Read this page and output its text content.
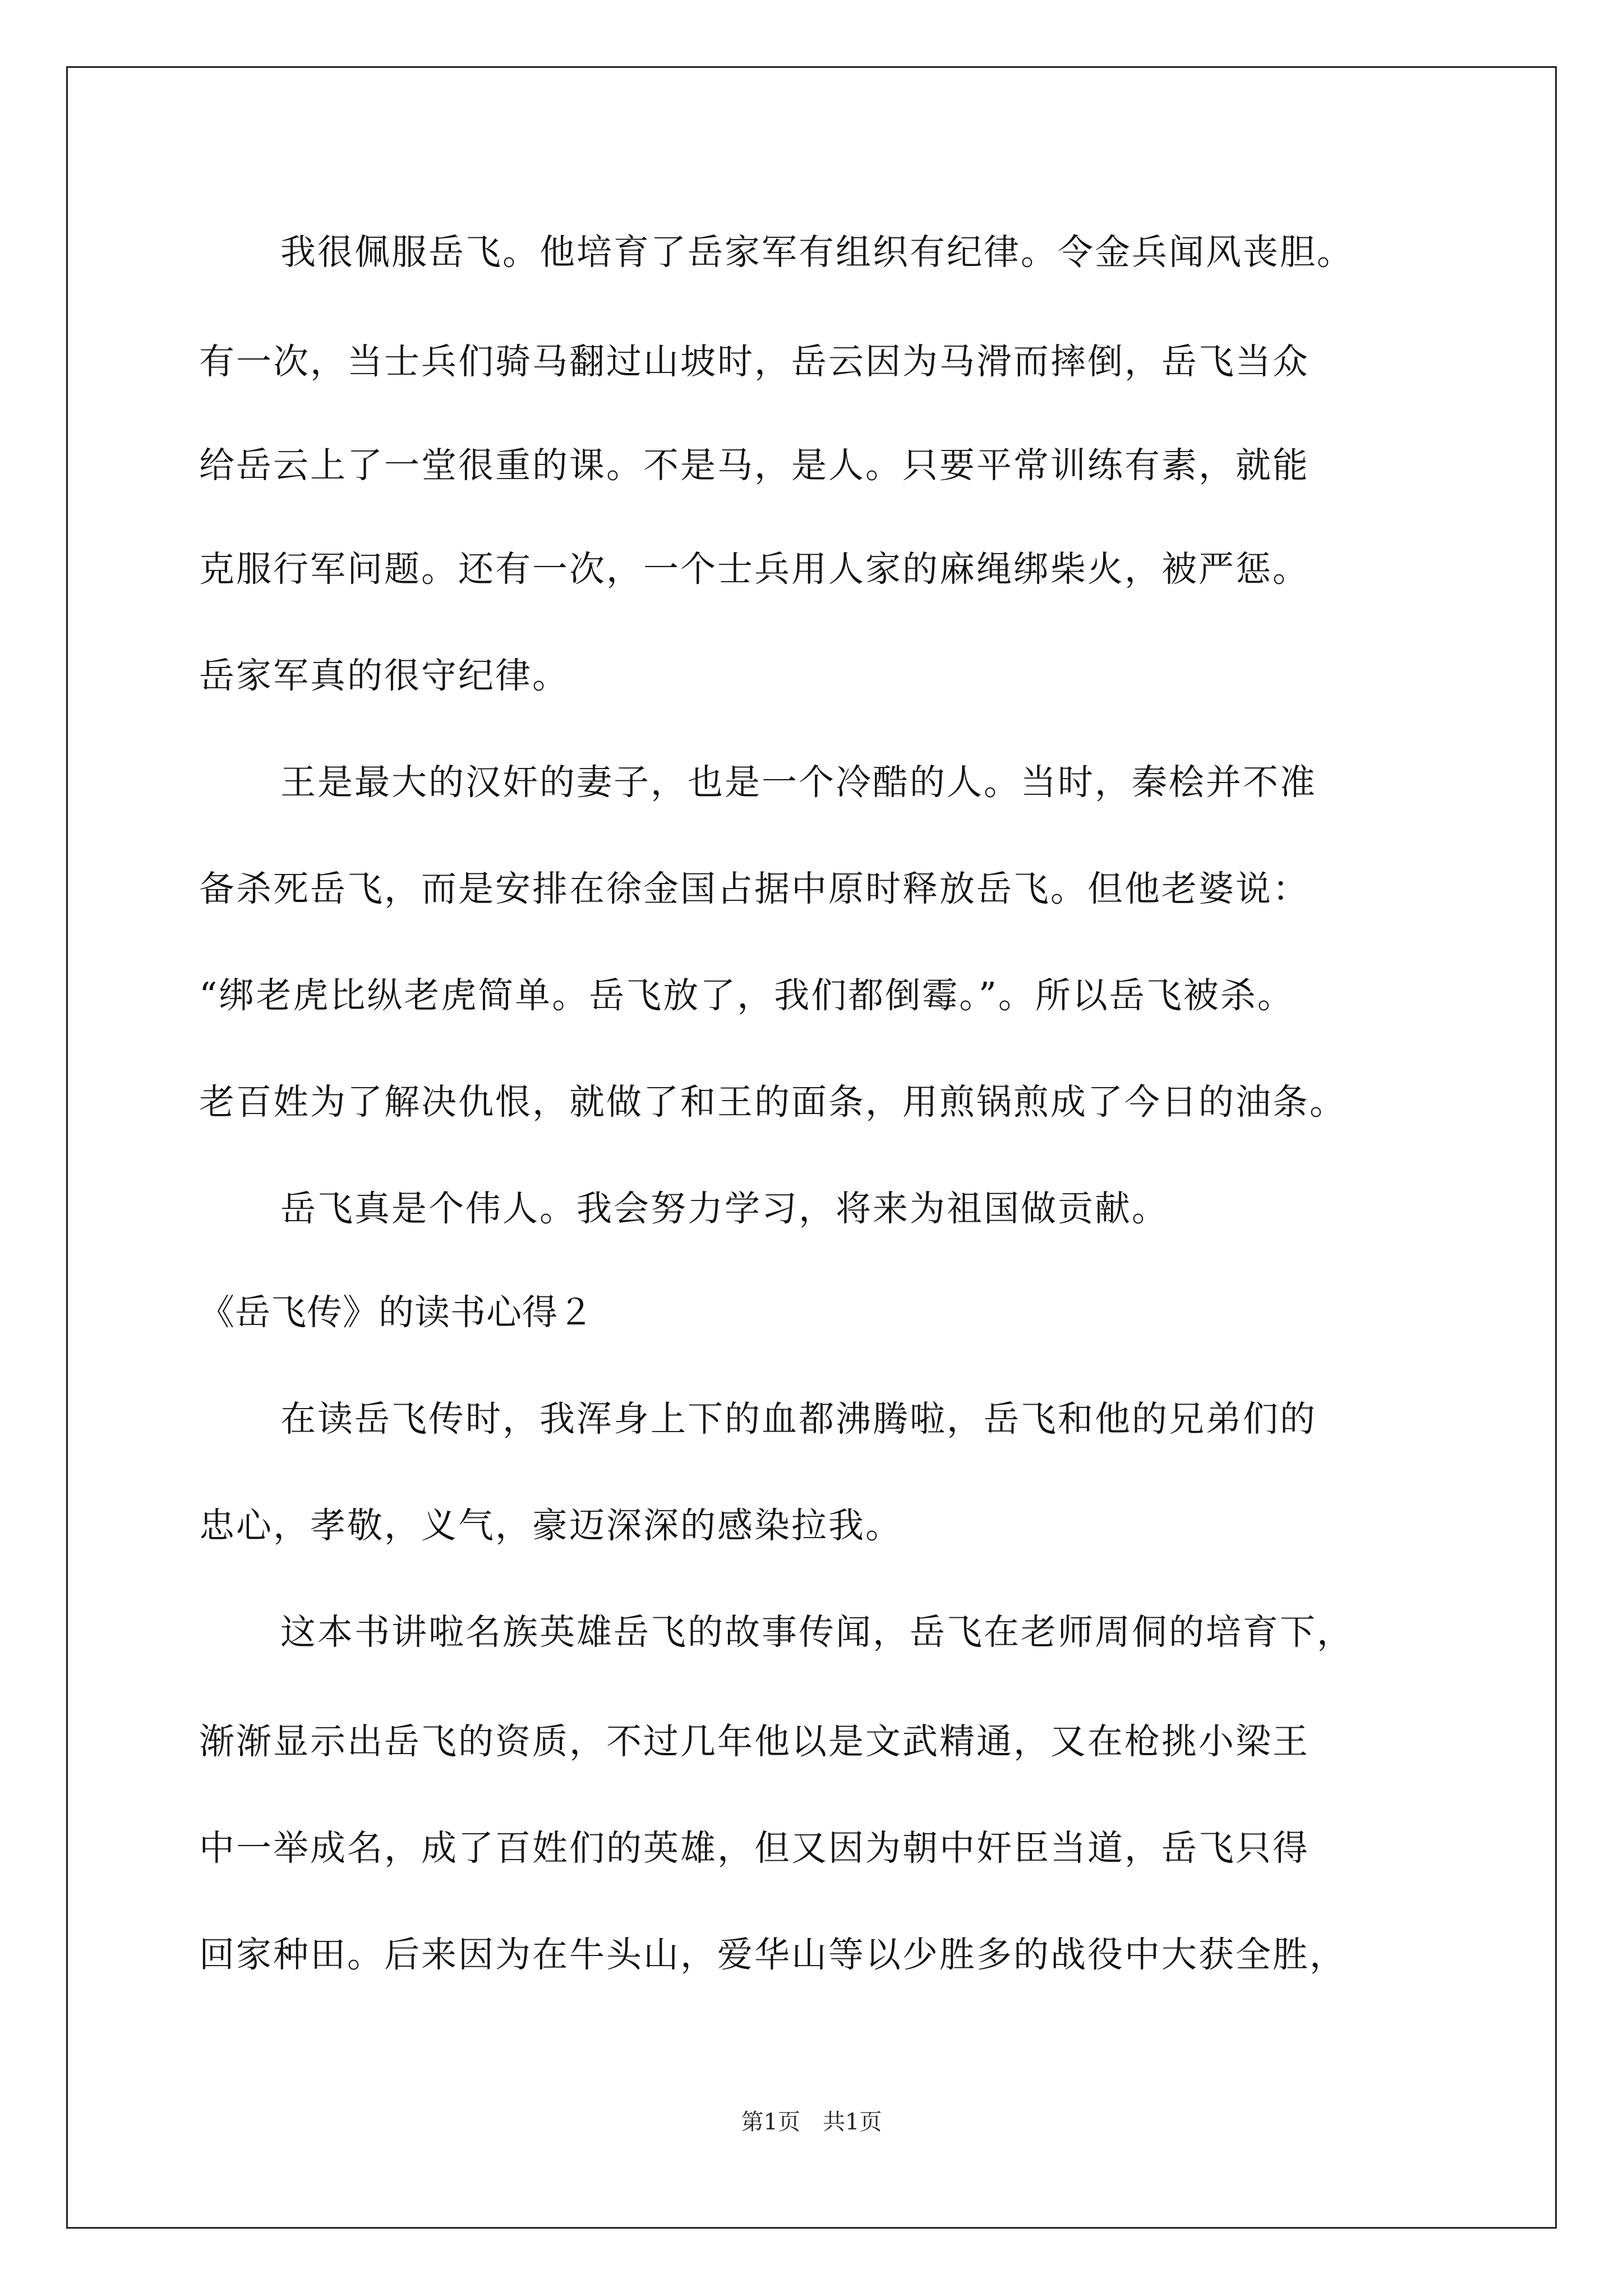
我很佩服岳飞。他培育了岳家军有组织有纪律。令金兵闻风丧胆。
有一次，当士兵们骑马翻过山坡时，岳云因为马滑而摔倒，岳飞当众
给岳云上了一堂很重的课。不是马，是人。只要平常训练有素，就能
克服行军问题。还有一次，一个士兵用人家的麻绳绑柴火，被严惩。
岳家军真的很守纪律。
王是最大的汉奸的妻子，也是一个冷酷的人。当时，秦桧并不准
备杀死岳飞，而是安排在徐金国占据中原时释放岳飞。但他老婆说：
“绑老虎比纵老虎简单。岳飞放了，我们都倒霉。”。所以岳飞被杀。
老百姓为了解决仇恨，就做了和王的面条，用煎锅煎成了今日的油条。
岳飞真是个伟人。我会努力学习，将来为祖国做贡献。
《岳飞传》的读书心得２
在读岳飞传时，我浑身上下的血都沸腾啦，岳飞和他的兄弟们的
忠心，孝敬，义气，豪迈深深的感染拉我。
这本书讲啦名族英雄岳飞的故事传闻，岳飞在老师周侗的培育下，
渐渐显示出岳飞的资质，不过几年他以是文武精通，又在枪挑小梁王
中一举成名，成了百姓们的英雄，但又因为朝中奸臣当道，岳飞只得
回家种田。后来因为在牛头山，爱华山等以少胜多的战役中大获全胜，
第1页　共1页
